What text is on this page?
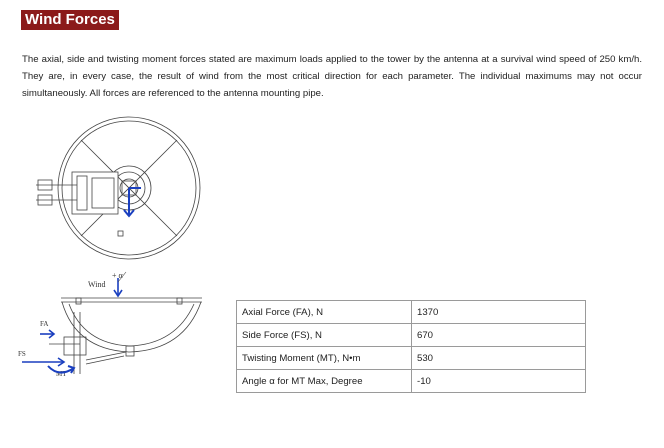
Wind Forces
The axial, side and twisting moment forces stated are maximum loads applied to the tower by the antenna at a survival wind speed of 250 km/h. They are, in every case, the result of wind from the most critical direction for each parameter. The individual maximums may not occur simultaneously. All forces are referenced to the antenna mounting pipe.
Wind
+ α
FA
FS
MT
Axial Force (FA), N	1370
Side Force (FS), N	670
Twisting Moment (MT), N•m	530
Angle α for MT Max, Degree	-10
